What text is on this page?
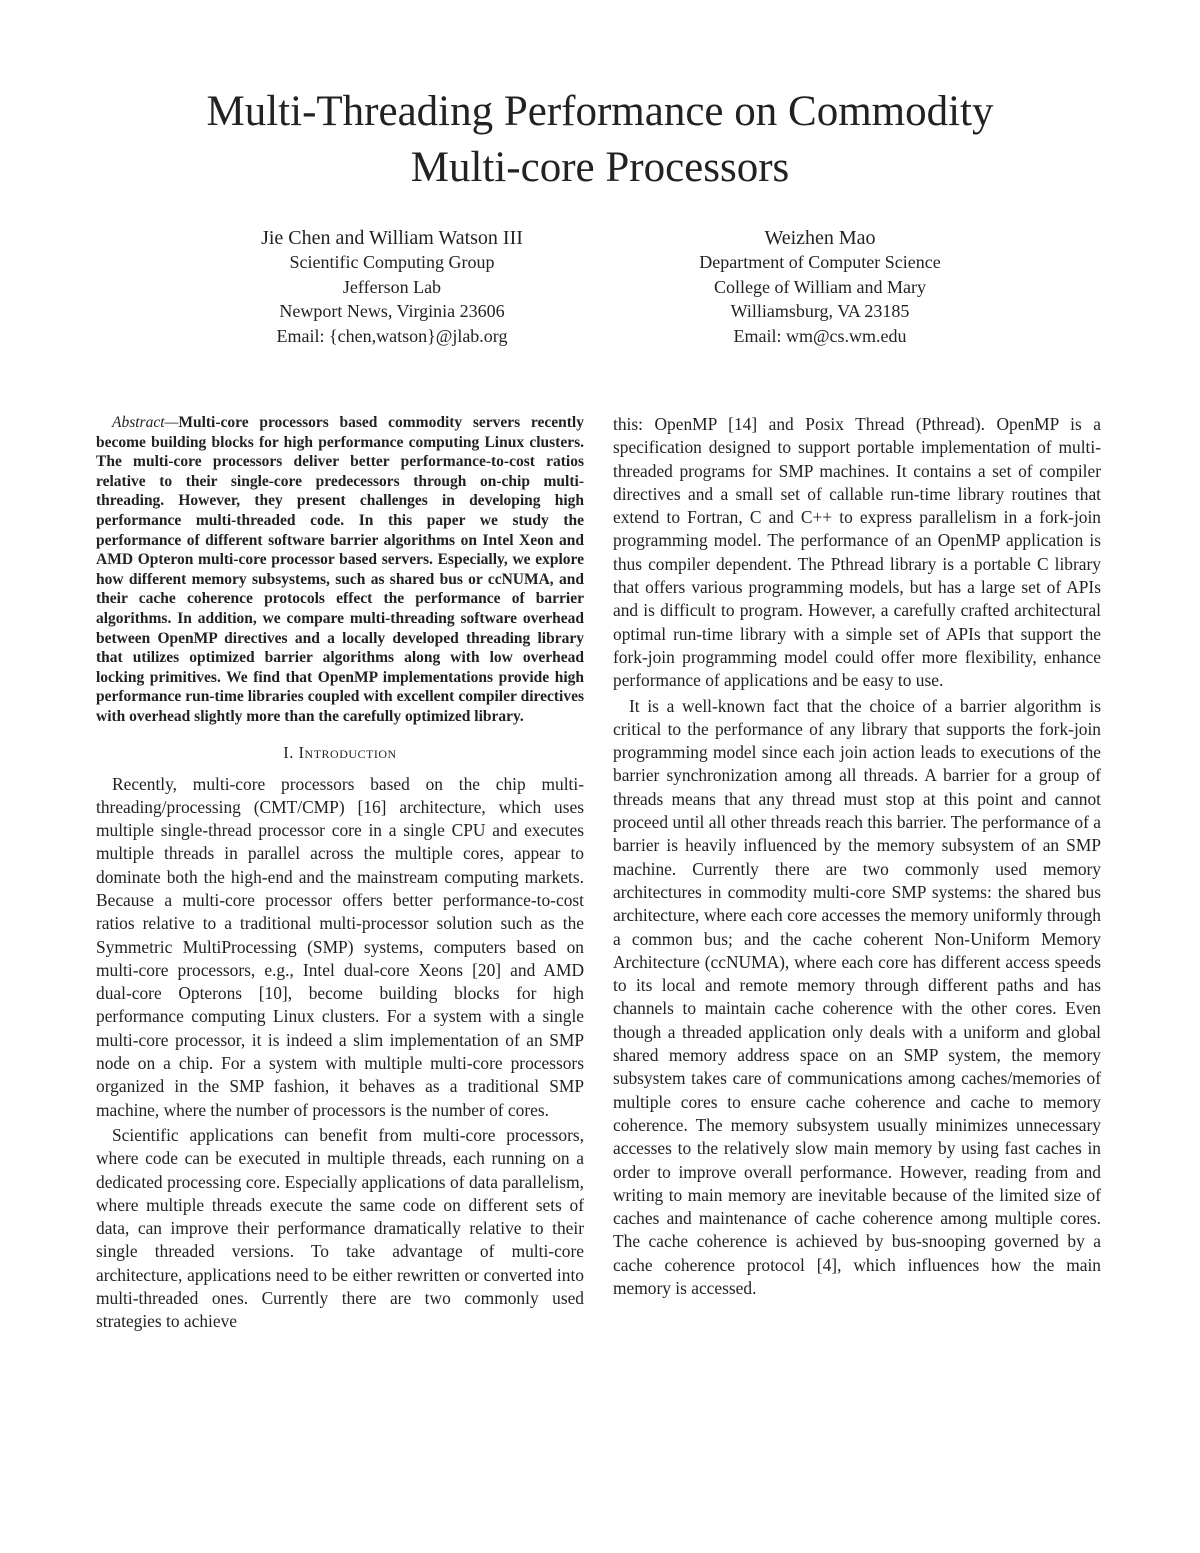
Multi-Threading Performance on Commodity
Multi-core Processors
Jie Chen and William Watson III
Scientific Computing Group
Jefferson Lab
Newport News, Virginia 23606
Email: {chen,watson}@jlab.org
Weizhen Mao
Department of Computer Science
College of William and Mary
Williamsburg, VA 23185
Email: wm@cs.wm.edu

Abstract—Multi-core processors based commodity servers recently become building blocks for high performance computing Linux clusters. The multi-core processors deliver better performance-to-cost ratios relative to their single-core predecessors through on-chip multi-threading. However, they present challenges in developing high performance multi-threaded code. In this paper we study the performance of different software barrier algorithms on Intel Xeon and AMD Opteron multi-core processor based servers. Especially, we explore how different memory subsystems, such as shared bus or ccNUMA, and their cache coherence protocols effect the performance of barrier algorithms. In addition, we compare multi-threading software overhead between OpenMP directives and a locally developed threading library that utilizes optimized barrier algorithms along with low overhead locking primitives. We find that OpenMP implementations provide high performance run-time libraries coupled with excellent compiler directives with overhead slightly more than the carefully optimized library.

I. Introduction

Recently, multi-core processors based on the chip multi-threading/processing (CMT/CMP) [16] architecture, which uses multiple single-thread processor core in a single CPU and executes multiple threads in parallel across the multiple cores, appear to dominate both the high-end and the mainstream computing markets. Because a multi-core processor offers better performance-to-cost ratios relative to a traditional multi-processor solution such as the Symmetric MultiProcessing (SMP) systems, computers based on multi-core processors, e.g., Intel dual-core Xeons [20] and AMD dual-core Opterons [10], become building blocks for high performance computing Linux clusters. For a system with a single multi-core processor, it is indeed a slim implementation of an SMP node on a chip. For a system with multiple multi-core processors organized in the SMP fashion, it behaves as a traditional SMP machine, where the number of processors is the number of cores.

Scientific applications can benefit from multi-core processors, where code can be executed in multiple threads, each running on a dedicated processing core. Especially applications of data parallelism, where multiple threads execute the same code on different sets of data, can improve their performance dramatically relative to their single threaded versions. To take advantage of multi-core architecture, applications need to be either rewritten or converted into multi-threaded ones. Currently there are two commonly used strategies to achieve

this: OpenMP [14] and Posix Thread (Pthread). OpenMP is a specification designed to support portable implementation of multi-threaded programs for SMP machines. It contains a set of compiler directives and a small set of callable run-time library routines that extend to Fortran, C and C++ to express parallelism in a fork-join programming model. The performance of an OpenMP application is thus compiler dependent. The Pthread library is a portable C library that offers various programming models, but has a large set of APIs and is difficult to program. However, a carefully crafted architectural optimal run-time library with a simple set of APIs that support the fork-join programming model could offer more flexibility, enhance performance of applications and be easy to use.

It is a well-known fact that the choice of a barrier algorithm is critical to the performance of any library that supports the fork-join programming model since each join action leads to executions of the barrier synchronization among all threads. A barrier for a group of threads means that any thread must stop at this point and cannot proceed until all other threads reach this barrier. The performance of a barrier is heavily influenced by the memory subsystem of an SMP machine. Currently there are two commonly used memory architectures in commodity multi-core SMP systems: the shared bus architecture, where each core accesses the memory uniformly through a common bus; and the cache coherent Non-Uniform Memory Architecture (ccNUMA), where each core has different access speeds to its local and remote memory through different paths and has channels to maintain cache coherence with the other cores. Even though a threaded application only deals with a uniform and global shared memory address space on an SMP system, the memory subsystem takes care of communications among caches/memories of multiple cores to ensure cache coherence and cache to memory coherence. The memory subsystem usually minimizes unnecessary accesses to the relatively slow main memory by using fast caches in order to improve overall performance. However, reading from and writing to main memory are inevitable because of the limited size of caches and maintenance of cache coherence among multiple cores. The cache coherence is achieved by bus-snooping governed by a cache coherence protocol [4], which influences how the main memory is accessed.
